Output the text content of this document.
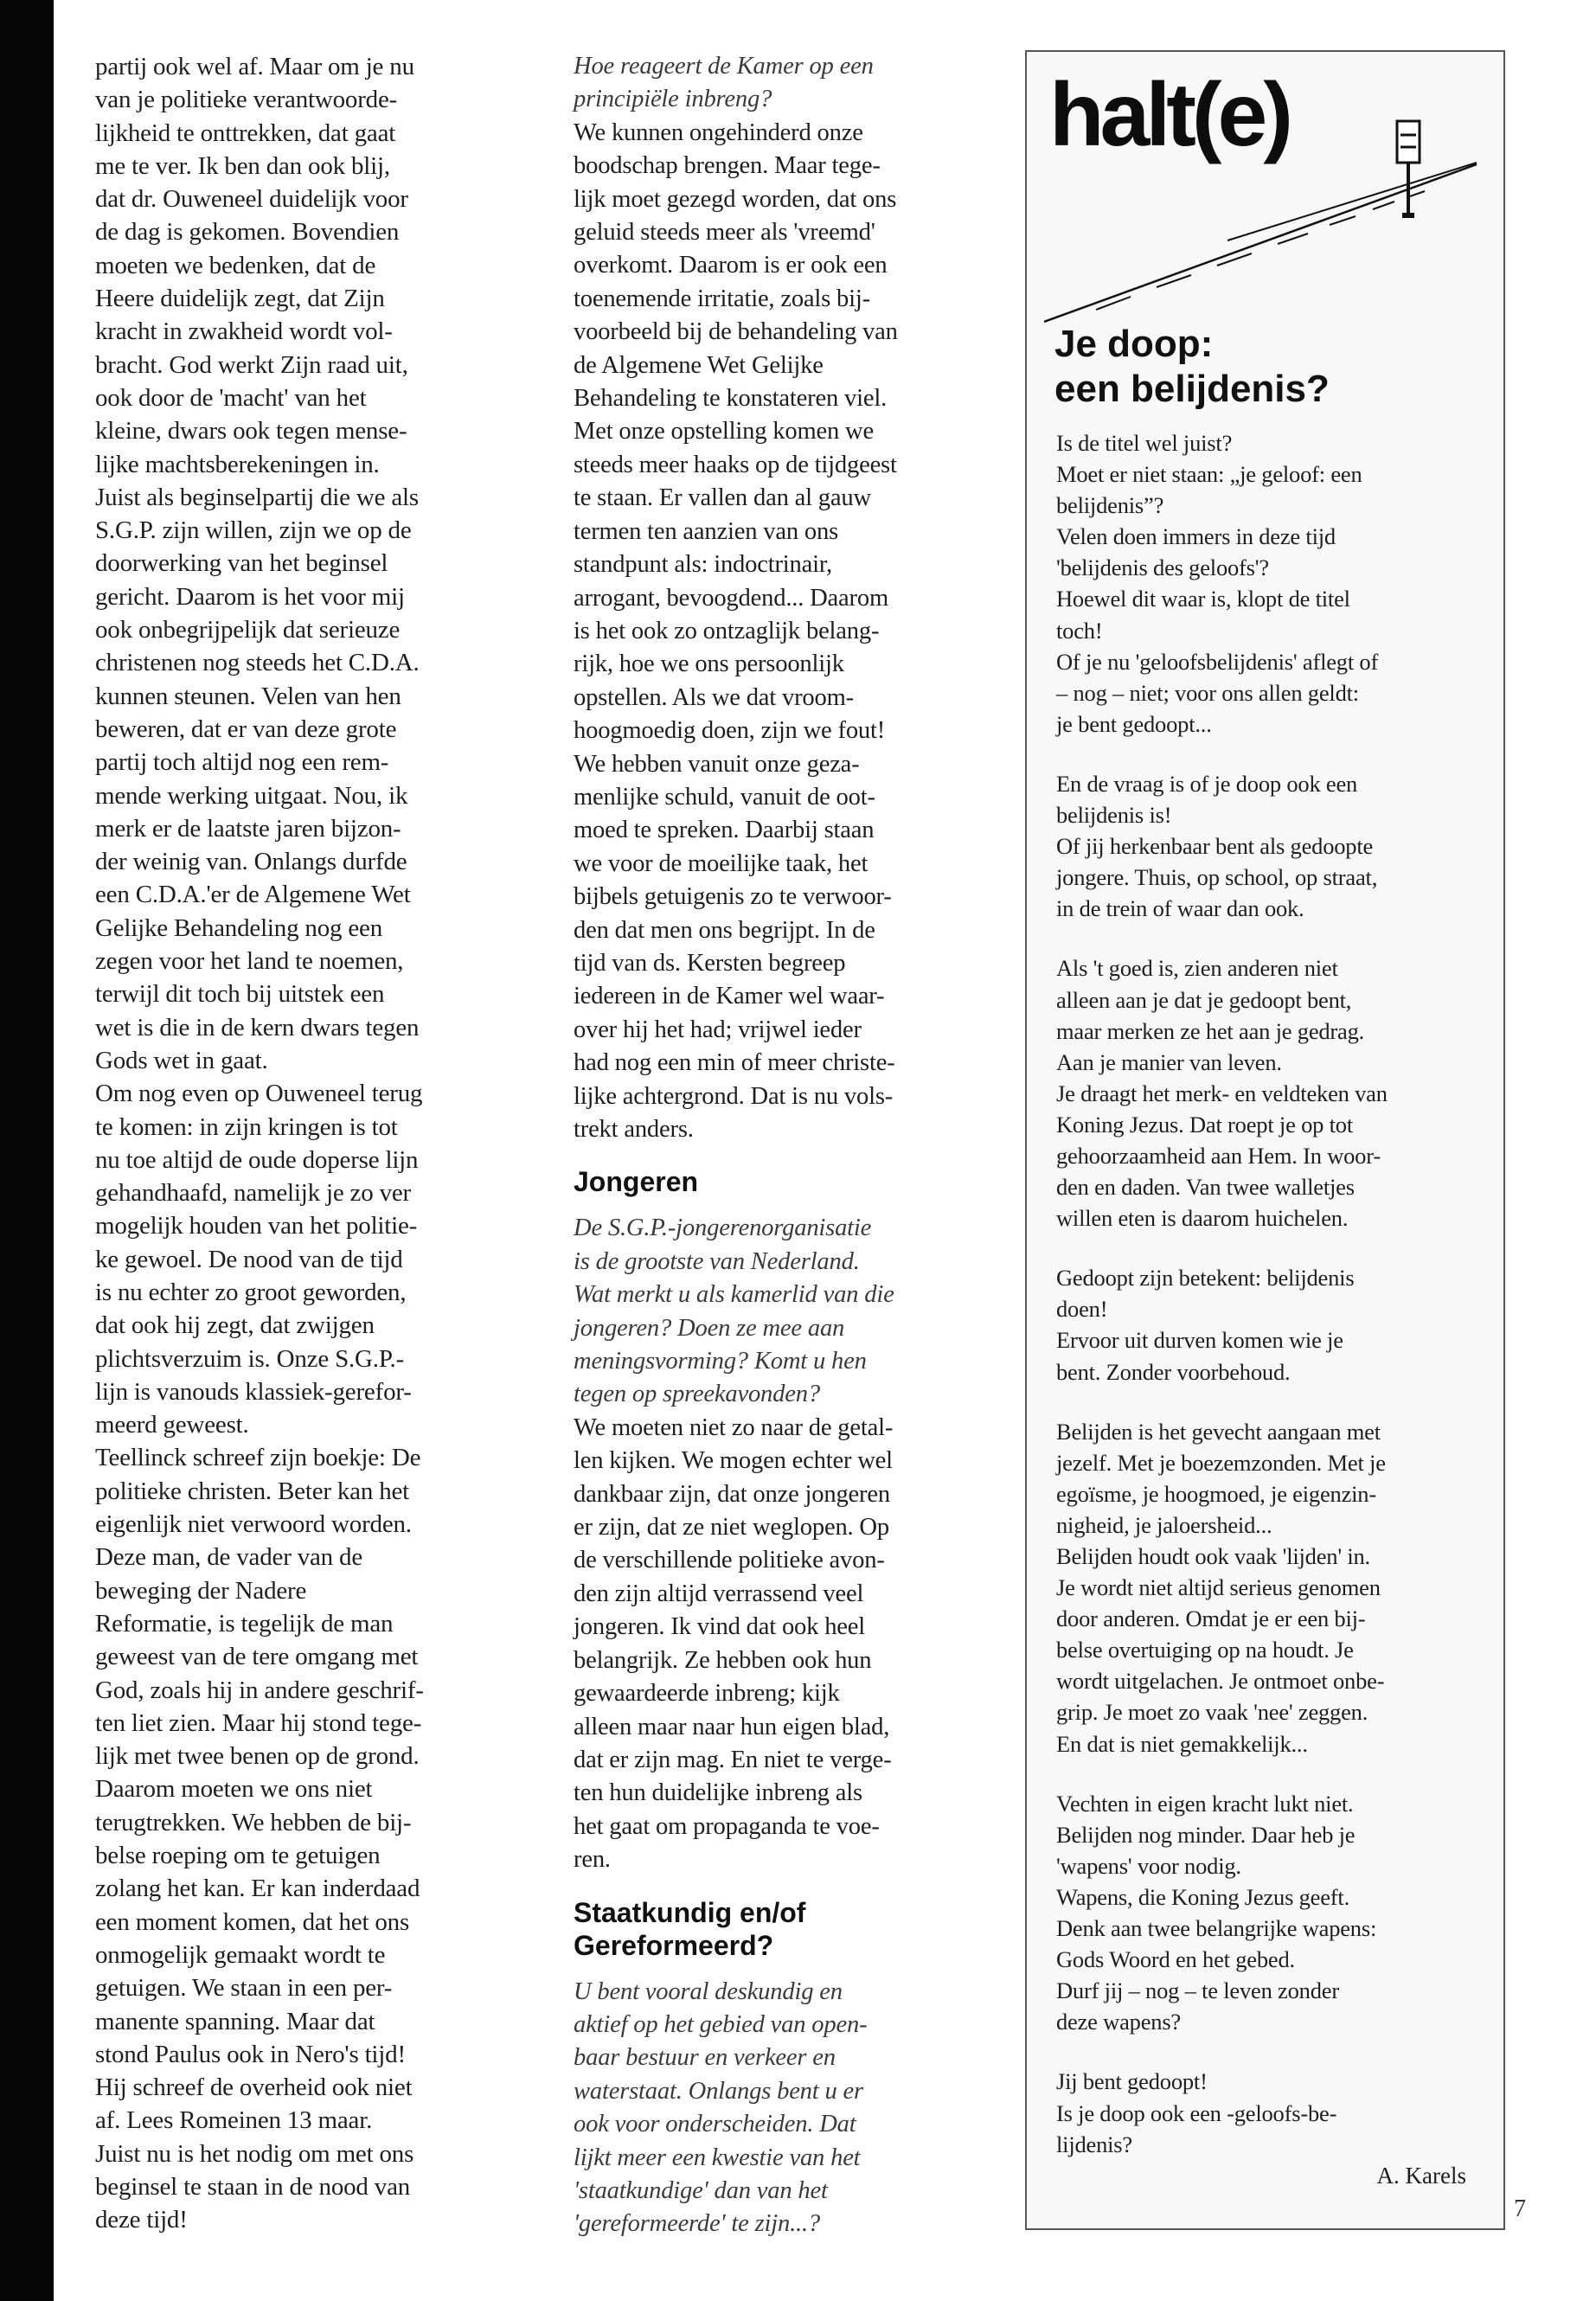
partij ook wel af. Maar om je nu
van je politieke verantwoorde-
lijkheid te onttrekken, dat gaat
me te ver. Ik ben dan ook blij,
dat dr. Ouweneel duidelijk voor
de dag is gekomen. Bovendien
moeten we bedenken, dat de
Heere duidelijk zegt, dat Zijn
kracht in zwakheid wordt vol-
bracht. God werkt Zijn raad uit,
ook door de 'macht' van het
kleine, dwars ook tegen mense-
lijke machtsberekeningen in.
Juist als beginselpartij die we als
S.G.P. zijn willen, zijn we op de
doorwerking van het beginsel
gericht. Daarom is het voor mij
ook onbegrijpelijk dat serieuze
christenen nog steeds het C.D.A.
kunnen steunen. Velen van hen
beweren, dat er van deze grote
partij toch altijd nog een rem-
mende werking uitgaat. Nou, ik
merk er de laatste jaren bijzon-
der weinig van. Onlangs durfde
een C.D.A.'er de Algemene Wet
Gelijke Behandeling nog een
zegen voor het land te noemen,
terwijl dit toch bij uitstek een
wet is die in de kern dwars tegen
Gods wet in gaat.
Om nog even op Ouweneel terug
te komen: in zijn kringen is tot
nu toe altijd de oude doperse lijn
gehandhaafd, namelijk je zo ver
mogelijk houden van het politie-
ke gewoel. De nood van de tijd
is nu echter zo groot geworden,
dat ook hij zegt, dat zwijgen
plichtsverzuim is. Onze S.G.P.-
lijn is vanouds klassiek-gerefor-
meerd geweest.
Teellinck schreef zijn boekje: De
politieke christen. Beter kan het
eigenlijk niet verwoord worden.
Deze man, de vader van de
beweging der Nadere
Reformatie, is tegelijk de man
geweest van de tere omgang met
God, zoals hij in andere geschrif-
ten liet zien. Maar hij stond tege-
lijk met twee benen op de grond.
Daarom moeten we ons niet
terugtrekken. We hebben de bij-
belse roeping om te getuigen
zolang het kan. Er kan inderdaad
een moment komen, dat het ons
onmogelijk gemaakt wordt te
getuigen. We staan in een per-
manente spanning. Maar dat
stond Paulus ook in Nero's tijd!
Hij schreef de overheid ook niet
af. Lees Romeinen 13 maar.
Juist nu is het nodig om met ons
beginsel te staan in de nood van
deze tijd!
Hoe reageert de Kamer op een
principiële inbreng?
We kunnen ongehinderd onze
boodschap brengen. Maar tege-
lijk moet gezegd worden, dat ons
geluid steeds meer als 'vreemd'
overkomt. Daarom is er ook een
toenemende irritatie, zoals bij-
voorbeeld bij de behandeling van
de Algemene Wet Gelijke
Behandeling te konstateren viel.
Met onze opstelling komen we
steeds meer haaks op de tijdgeest
te staan. Er vallen dan al gauw
termen ten aanzien van ons
standpunt als: indoctrinair,
arrogant, bevoogdend... Daarom
is het ook zo ontzaglijk belang-
rijk, hoe we ons persoonlijk
opstellen. Als we dat vroom-
hoogmoedig doen, zijn we fout!
We hebben vanuit onze geza-
menlijke schuld, vanuit de oot-
moed te spreken. Daarbij staan
we voor de moeilijke taak, het
bijbels getuigenis zo te verwoor-
den dat men ons begrijpt. In de
tijd van ds. Kersten begreep
iedereen in de Kamer wel waar-
over hij het had; vrijwel ieder
had nog een min of meer christe-
lijke achtergrond. Dat is nu vols-
trekt anders.
Jongeren
De S.G.P.-jongerenorganisatie
is de grootste van Nederland.
Wat merkt u als kamerlid van die
jongeren? Doen ze mee aan
meningsvorming? Komt u hen
tegen op spreekavonden?
We moeten niet zo naar de getal-
len kijken. We mogen echter wel
dankbaar zijn, dat onze jongeren
er zijn, dat ze niet weglopen. Op
de verschillende politieke avon-
den zijn altijd verrassend veel
jongeren. Ik vind dat ook heel
belangrijk. Ze hebben ook hun
gewaardeerde inbreng; kijk
alleen maar naar hun eigen blad,
dat er zijn mag. En niet te verge-
ten hun duidelijke inbreng als
het gaat om propaganda te voe-
ren.
Staatkundig en/of
Gereformeerd?
U bent vooral deskundig en
aktief op het gebied van open-
baar bestuur en verkeer en
waterstaat. Onlangs bent u er
ook voor onderscheiden. Dat
lijkt meer een kwestie van het
'staatkundige' dan van het
'gereformeerde' te zijn...?
halt(e)
Je doop:
een belijdenis?
Is de titel wel juist?
Moet er niet staan: „je geloof: een
belijdenis”?
Velen doen immers in deze tijd
'belijdenis des geloofs'?
Hoewel dit waar is, klopt de titel
toch!
Of je nu 'geloofsbelijdenis' aflegt of
– nog – niet; voor ons allen geldt:
je bent gedoopt...
En de vraag is of je doop ook een
belijdenis is!
Of jij herkenbaar bent als gedoopte
jongere. Thuis, op school, op straat,
in de trein of waar dan ook.
Als 't goed is, zien anderen niet
alleen aan je dat je gedoopt bent,
maar merken ze het aan je gedrag.
Aan je manier van leven.
Je draagt het merk- en veldteken van
Koning Jezus. Dat roept je op tot
gehoorzaamheid aan Hem. In woor-
den en daden. Van twee walletjes
willen eten is daarom huichelen.
Gedoopt zijn betekent: belijdenis
doen!
Ervoor uit durven komen wie je
bent. Zonder voorbehoud.
Belijden is het gevecht aangaan met
jezelf. Met je boezemzonden. Met je
egoïsme, je hoogmoed, je eigenzin-
nigheid, je jaloersheid...
Belijden houdt ook vaak 'lijden' in.
Je wordt niet altijd serieus genomen
door anderen. Omdat je er een bij-
belse overtuiging op na houdt. Je
wordt uitgelachen. Je ontmoet onbe-
grip. Je moet zo vaak 'nee' zeggen.
En dat is niet gemakkelijk...
Vechten in eigen kracht lukt niet.
Belijden nog minder. Daar heb je
'wapens' voor nodig.
Wapens, die Koning Jezus geeft.
Denk aan twee belangrijke wapens:
Gods Woord en het gebed.
Durf jij – nog – te leven zonder
deze wapens?
Jij bent gedoopt!
Is je doop ook een -geloofs-be-
lijdenis?
A. Karels
7
